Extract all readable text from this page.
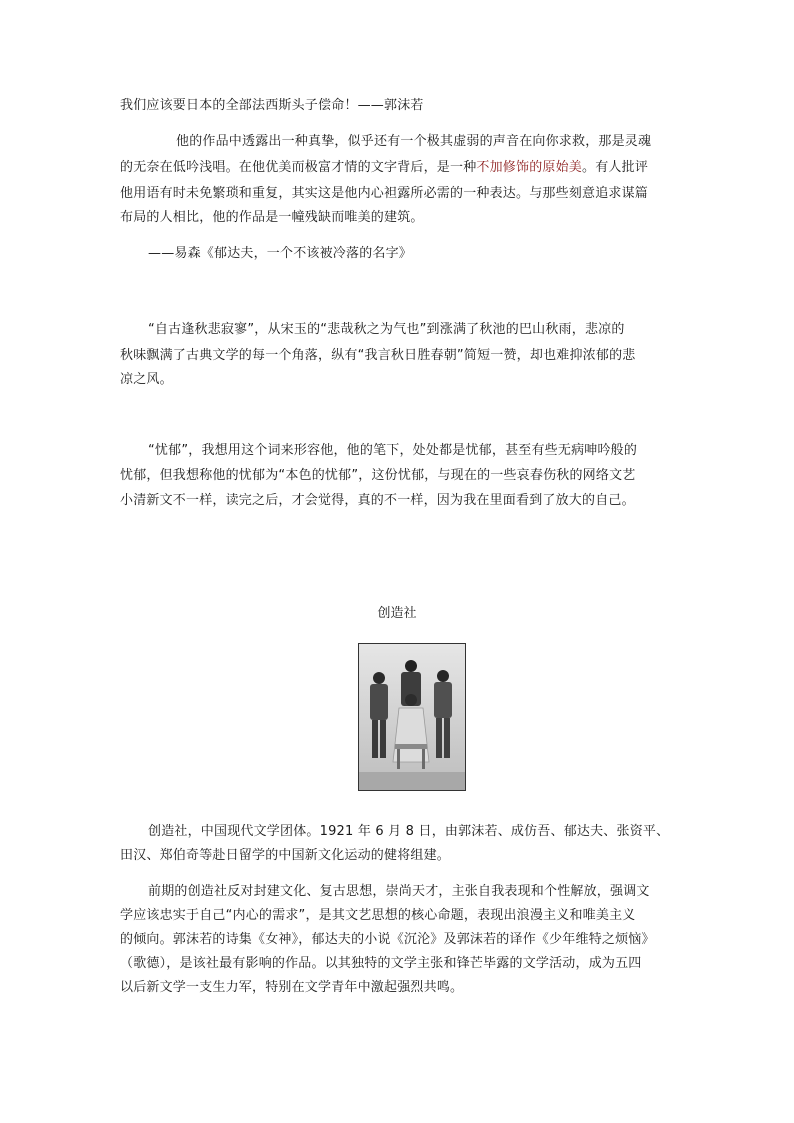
我们应该要日本的全部法西斯头子偿命！——郭沫若
他的作品中透露出一种真挚，似乎还有一个极其虚弱的声音在向你求救，那是灵魂
的无奈在低吟浅唱。在他优美而极富才情的文字背后，是一种不加修饰的原始美。有人批评
他用语有时未免繁琐和重复，其实这是他内心袒露所必需的一种表达。与那些刻意追求谋篇
布局的人相比，他的作品是一幢残缺而唯美的建筑。
——易森《郁达夫，一个不该被冷落的名字》
“自古逢秋悲寂寥”，从宋玉的“悲哉秋之为气也”到涨满了秋池的巴山秋雨，悲凉的
秋味飘满了古典文学的每一个角落，纵有“我言秋日胜春朝”简短一赞，却也难抑浓郁的悲
凉之风。
“忧郁”，我想用这个词来形容他，他的笔下，处处都是忧郁，甚至有些无病呻吟般的
忧郁，但我想称他的忧郁为“本色的忧郁”，这份忧郁，与现在的一些哀春伤秋的网络文艺
小清新文不一样，读完之后，才会觉得，真的不一样，因为我在里面看到了放大的自己。
创造社
创造社，中国现代文学团体。1921 年 6 月 8 日，由郭沫若、成仿吾、郁达夫、张资平、
田汉、郑伯奇等赴日留学的中国新文化运动的健将组建。
前期的创造社反对封建文化、复古思想，崇尚天才，主张自我表现和个性解放，强调文
学应该忠实于自己“内心的需求”，是其文艺思想的核心命题，表现出浪漫主义和唯美主义
的倾向。郭沫若的诗集《女神》，郁达夫的小说《沉沦》及郭沫若的译作《少年维特之烦恼》
（歌德），是该社最有影响的作品。以其独特的文学主张和锋芒毕露的文学活动，成为五四
以后新文学一支生力军，特别在文学青年中激起强烈共鸣。
